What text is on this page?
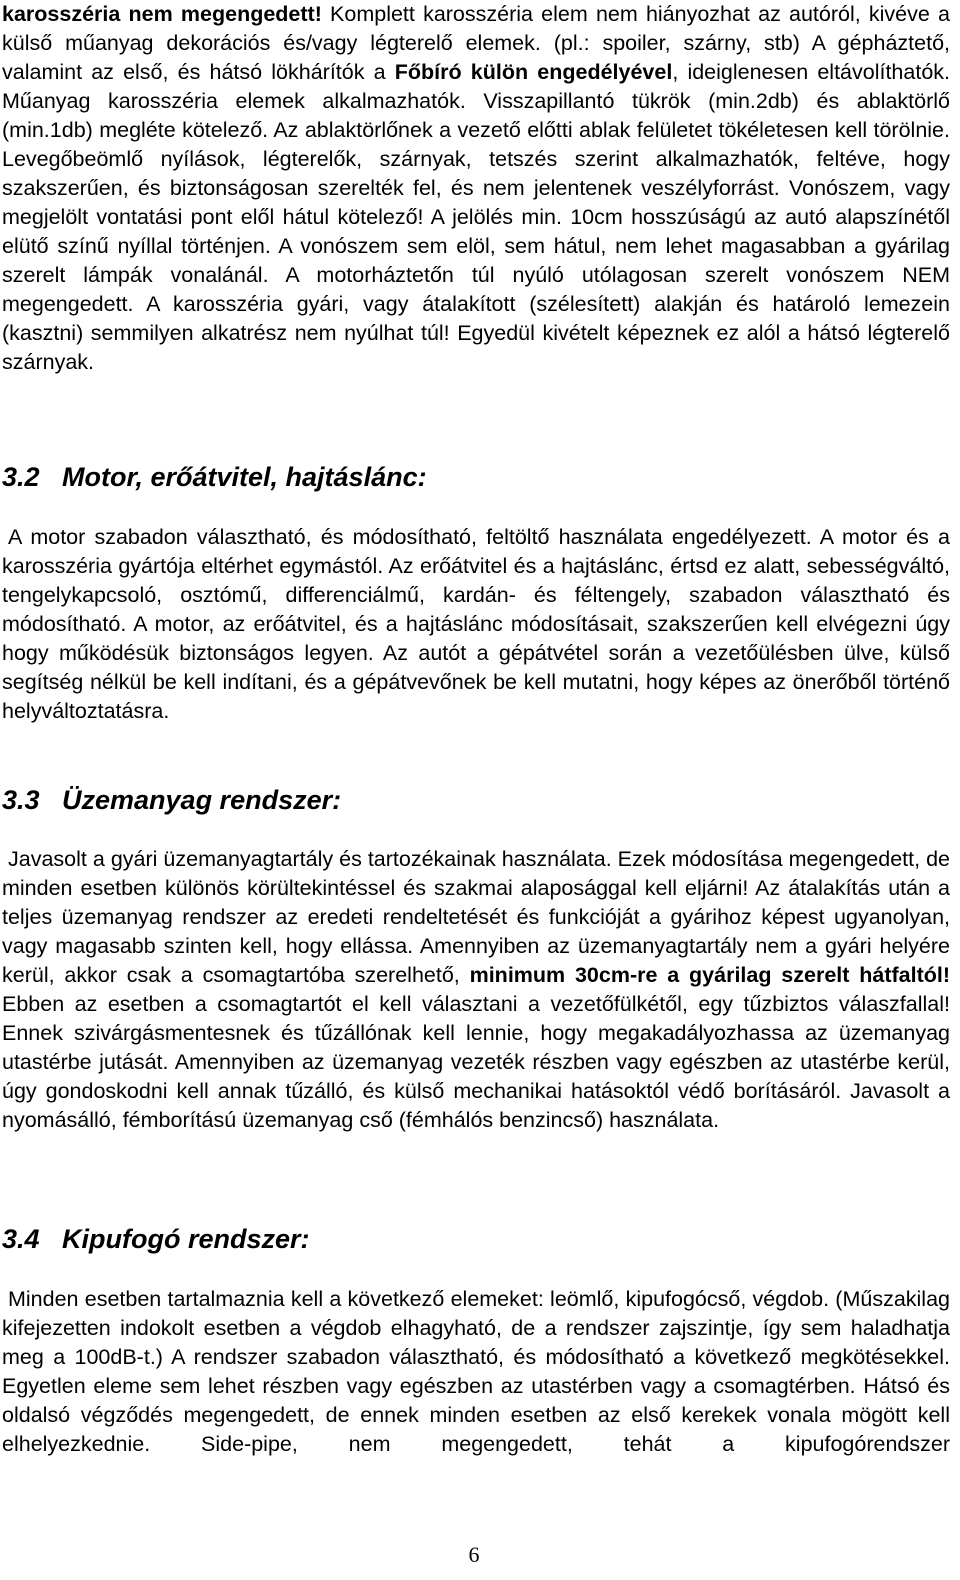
karosszéria nem megengedett! Komplett karosszéria elem nem hiányozhat az autóról, kivéve a külső műanyag dekorációs és/vagy légterelő elemek. (pl.: spoiler, szárny, stb) A gépháztető, valamint az első, és hátsó lökhárítók a Főbíró külön engedélyével, ideiglenesen eltávolíthatók. Műanyag karosszéria elemek alkalmazhatók. Visszapillantó tükrök (min.2db) és ablaktörlő (min.1db) megléte kötelező. Az ablaktörlőnek a vezető előtti ablak felületet tökéletesen kell törölnie. Levegőbeömlő nyílások, légterelők, szárnyak, tetszés szerint alkalmazhatók, feltéve, hogy szakszerűen, és biztonságosan szerelték fel, és nem jelentenek veszélyforrást. Vonószem, vagy megjelölt vontatási pont elől hátul kötelező! A jelölés min. 10cm hosszúságú az autó alapszínétől elütő színű nyíllal történjen. A vonószem sem elöl, sem hátul, nem lehet magasabban a gyárilag szerelt lámpák vonalánál. A motorháztetőn túl nyúló utólagosan szerelt vonószem NEM megengedett. A karosszéria gyári, vagy átalakított (szélesített) alakján és határoló lemezein (kasztni) semmilyen alkatrész nem nyúlhat túl! Egyedül kivételt képeznek ez alól a hátsó légterelő szárnyak.

3.2 Motor, erőátvitel, hajtáslánc:

A motor szabadon választható, és módosítható, feltöltő használata engedélyezett. A motor és a karosszéria gyártója eltérhet egymástól. Az erőátvitel és a hajtáslánc, értsd ez alatt, sebességváltó, tengelykapcsoló, osztómű, differenciálmű, kardán- és féltengely, szabadon választható és módosítható. A motor, az erőátvitel, és a hajtáslánc módosításait, szakszerűen kell elvégezni úgy hogy működésük biztonságos legyen. Az autót a gépátvétel során a vezetőülésben ülve, külső segítség nélkül be kell indítani, és a gépátvevőnek be kell mutatni, hogy képes az önerőből történő helyváltoztatásra.

3.3 Üzemanyag rendszer:

Javasolt a gyári üzemanyagtartály és tartozékainak használata. Ezek módosítása megengedett, de minden esetben különös körültekintéssel és szakmai alaposággal kell eljárni! Az átalakítás után a teljes üzemanyag rendszer az eredeti rendeltetését és funkcióját a gyárihoz képest ugyanolyan, vagy magasabb szinten kell, hogy ellássa. Amennyiben az üzemanyagtartály nem a gyári helyére kerül, akkor csak a csomagtartóba szerelhető, minimum 30cm-re a gyárilag szerelt hátfaltól! Ebben az esetben a csomagtartót el kell választani a vezetőfülkétől, egy tűzbiztos válaszfallal! Ennek szivárgásmentesnek és tűzállónak kell lennie, hogy megakadályozhassa az üzemanyag utastérbe jutását. Amennyiben az üzemanyag vezeték részben vagy egészben az utastérbe kerül, úgy gondoskodni kell annak tűzálló, és külső mechanikai hatásoktól védő borításáról. Javasolt a nyomásálló, fémborítású üzemanyag cső (fémhálós benzincső) használata.

3.4 Kipufogó rendszer:

Minden esetben tartalmaznia kell a következő elemeket: leömlő, kipufogócső, végdob. (Műszakilag kifejezetten indokolt esetben a végdob elhagyható, de a rendszer zajszintje, így sem haladhatja meg a 100dB-t.) A rendszer szabadon választható, és módosítható a következő megkötésekkel. Egyetlen eleme sem lehet részben vagy egészben az utastérben vagy a csomagtérben. Hátsó és oldalsó végződés megengedett, de ennek minden esetben az első kerekek vonala mögött kell elhelyezkednie. Side-pipe, nem megengedett, tehát a kipufogórendszer

6
